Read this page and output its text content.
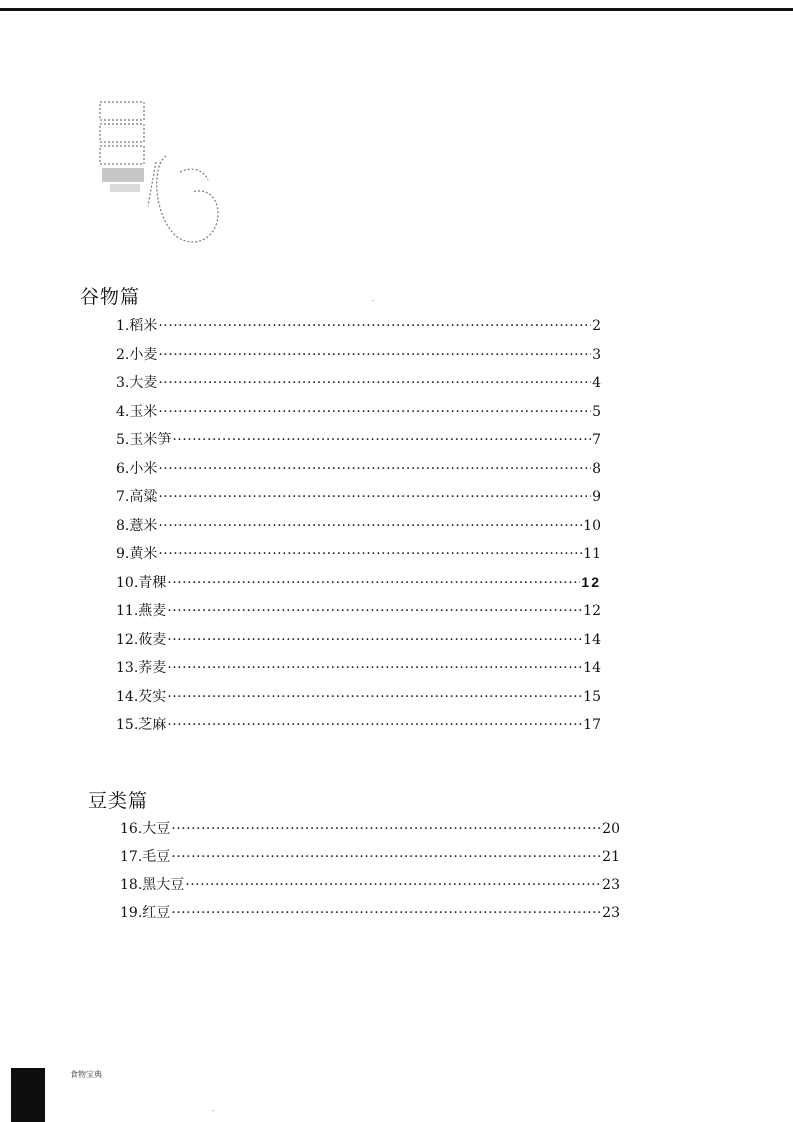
谷物篇
1.稻米 ·····	2
2.小麦 ·····	3
3.大麦 ·····	4
4.玉米 ·····	5
5.玉米笋 ·····	7
6.小米 ·····	8
7.高粱 ·····	9
8.薏米 ·····	10
9.黄米 ·····	11
10.青稞 ·····	12
11.燕麦 ·····	12
12.莜麦 ·····	14
13.荞麦 ·····	14
14.芡实 ·····	15
15.芝麻 ·····	17
豆类篇
16.大豆 ·····	20
17.毛豆 ·····	21
18.黑大豆 ·····	23
19.红豆 ·····	23
食物宝典
